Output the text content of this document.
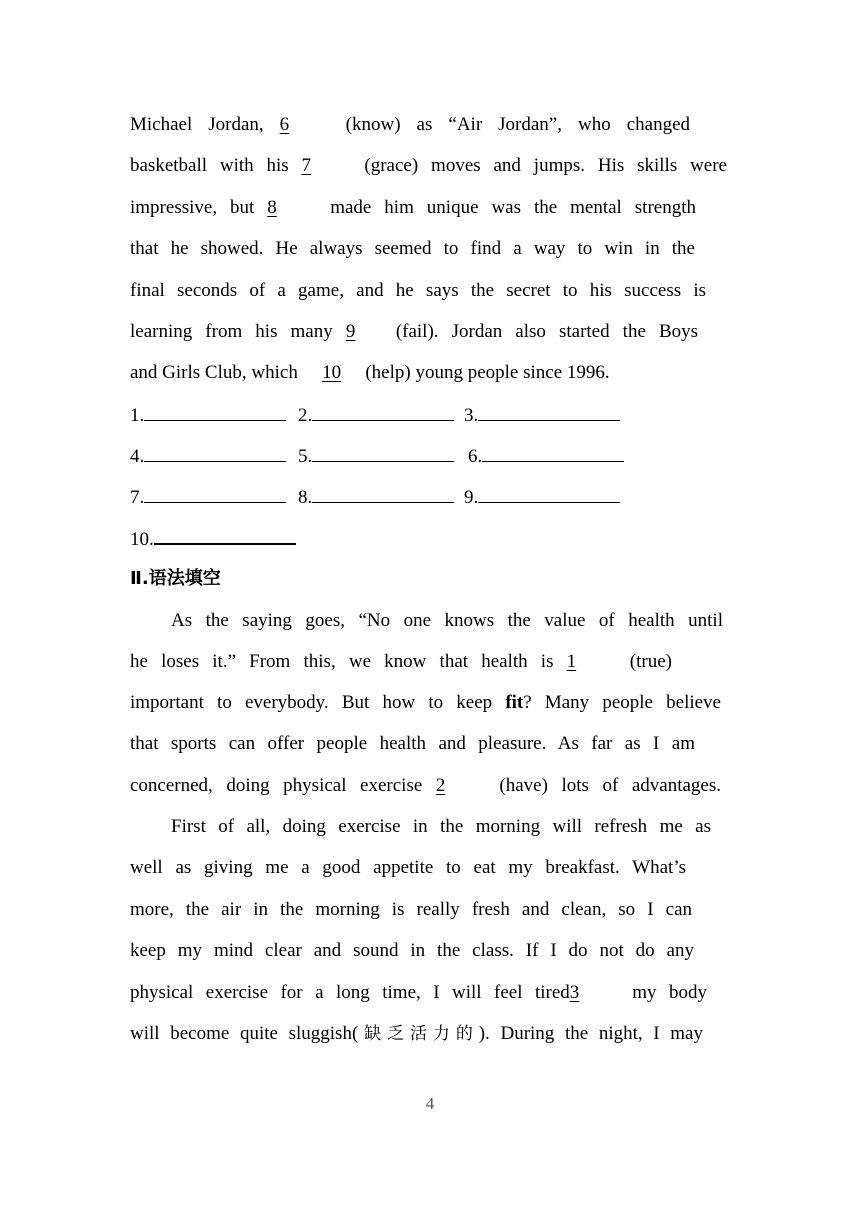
Michael Jordan, 6 (know) as “Air Jordan”, who changed
basketball with his 7 (grace) moves and jumps. His skills were
impressive, but 8 made him unique was the mental strength
that he showed. He always seemed to find a way to win in the
final seconds of a game, and he says the secret to his success is
learning from his many 9 (fail). Jordan also started the Boys
and Girls Club, which 10 (help) young people since 1996.
1.	2.	3.
4.	5.	6.
7.	8.	9.
10.
Ⅱ.语法填空
As the saying goes, “No one knows the value of health until
he loses it.” From this, we know that health is 1 (true)
important to everybody. But how to keep fit? Many people believe
that sports can offer people health and pleasure. As far as I am
concerned, doing physical exercise 2 (have) lots of advantages.
First of all, doing exercise in the morning will refresh me as
well as giving me a good appetite to eat my breakfast. What’s
more, the air in the morning is really fresh and clean, so I can
keep my mind clear and sound in the class. If I do not do any
physical exercise for a long time, I will feel tired3 my body
will become quite sluggish(缺乏活力的). During the night, I may
4
